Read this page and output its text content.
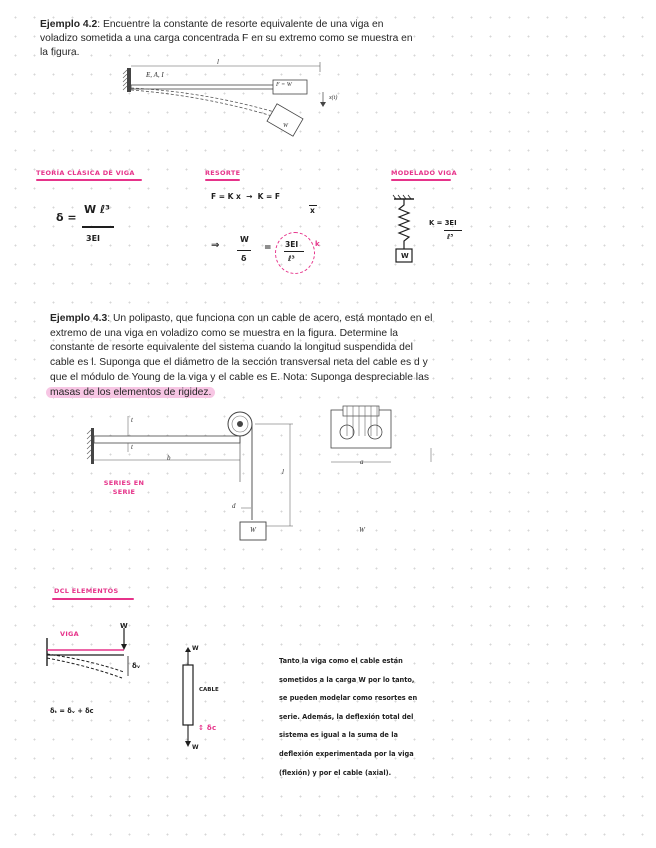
Ejemplo 4.2: Encuentre la constante de resorte equivalente de una viga en voladizo sometida a una carga concentrada F en su extremo como se muestra en la figura.
l
E, A, I
F = W
x(t)
W
TEORÍA CLÁSICA DE VIGA	RESORTE	MODELADO VIGA
δ =
W ℓ³
3EI
F = K x  →  K = F
x
⇒
W
δ
= 3EI
ℓ³
k
W
K = 3EI
ℓ³
Ejemplo 4.3: Un polipasto, que funciona con un cable de acero, está montado en el extremo de una viga en voladizo como se muestra en la figura. Determine la constante de resorte equivalente del sistema cuando la longitud suspendida del cable es l. Suponga que el diámetro de la sección transversal neta del cable es d y que el módulo de Young de la viga y el cable es E. Nota: Suponga despreciable las masas de los elementos de rigidez.
t
t
b
l
d
a
W	W
SERIES EN SERIE
DCL ELEMENTOS
VIGA
W
δᵥ
δₜ = δᵥ + δc
W
CABLE
↕ δc
W
Tanto la viga como el cable están
sometidos a la carga W por lo tanto,
se pueden modelar como resortes en
serie. Además, la deflexión total del
sistema es igual a la suma de la
deflexión experimentada por la viga
(flexión) y por el cable (axial).
